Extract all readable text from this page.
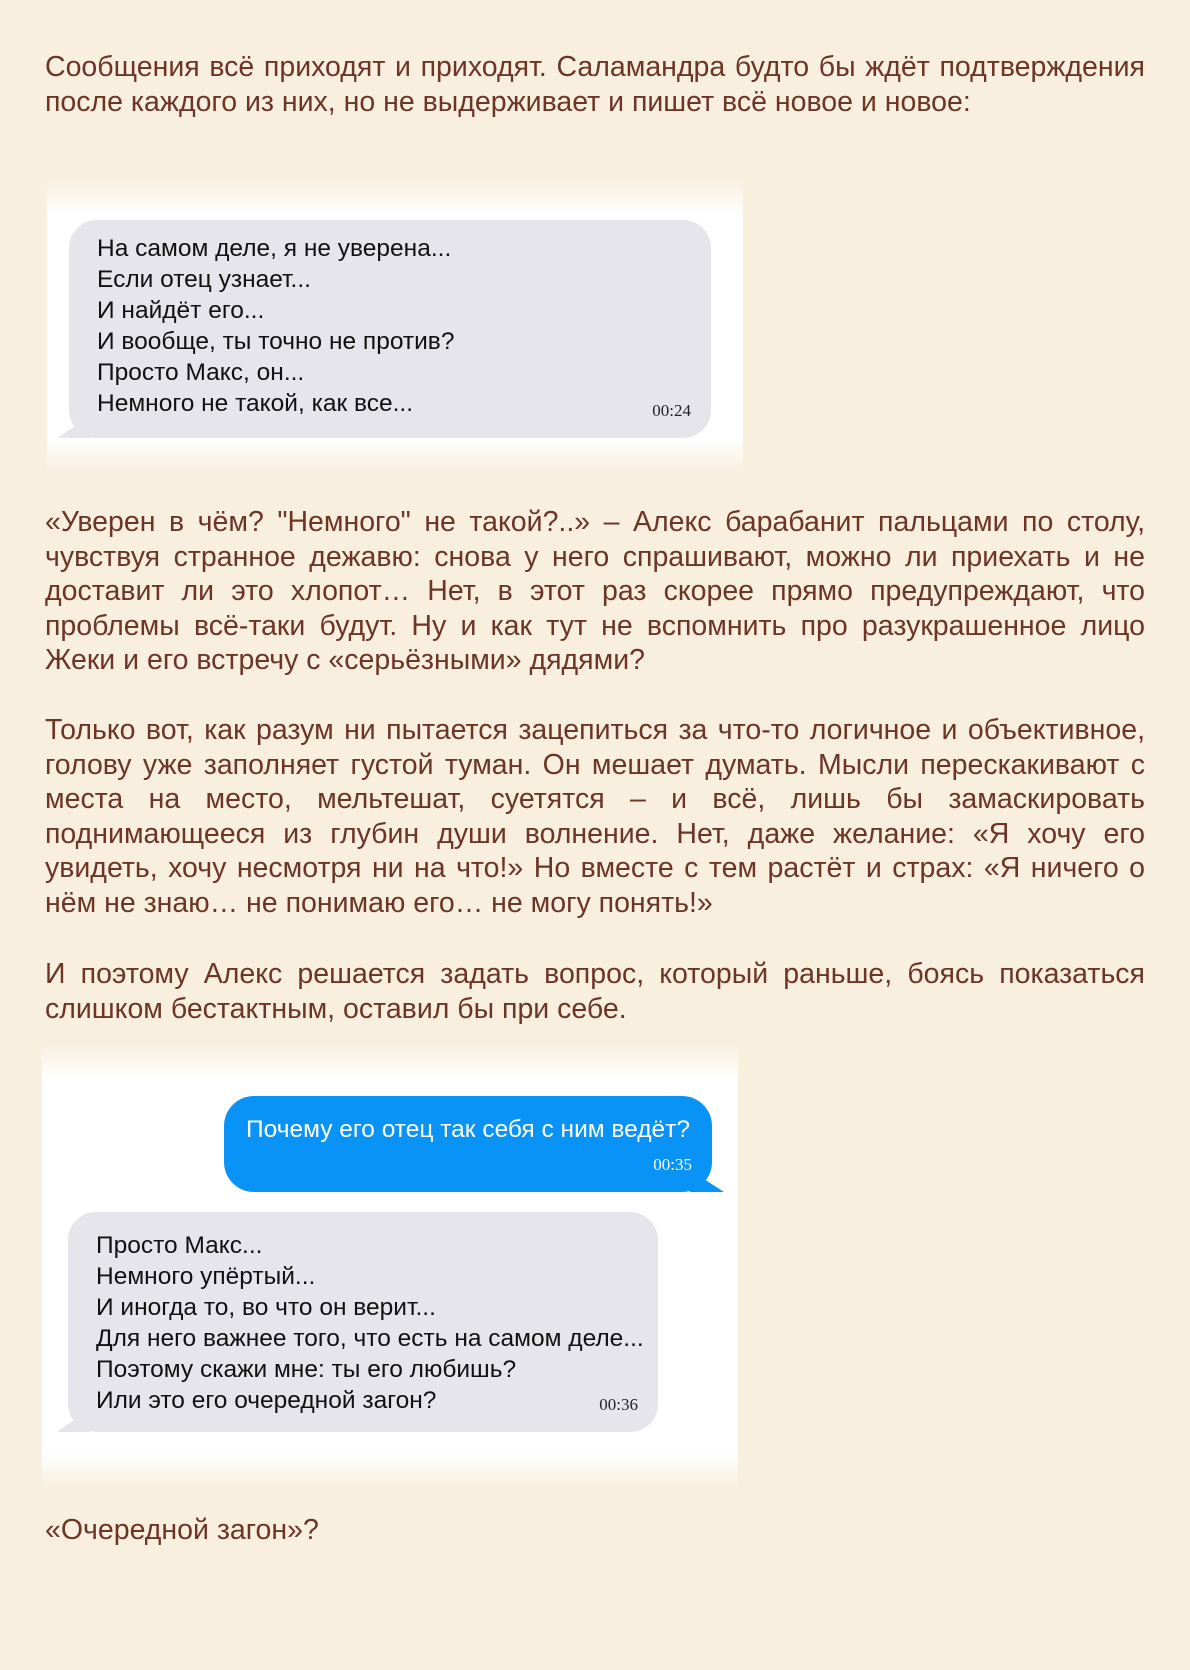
Сообщения всё приходят и приходят. Саламандра будто бы ждёт подтверждения после каждого из них, но не выдерживает и пишет всё новое и новое:

На самом деле, я не уверена...
Если отец узнает...
И найдёт его...
И вообще, ты точно не против?
Просто Макс, он...
Немного не такой, как все...	00:24

«Уверен в чём? "Немного" не такой?..» – Алекс барабанит пальцами по столу, чувствуя странное дежавю: снова у него спрашивают, можно ли приехать и не доставит ли это хлопот… Нет, в этот раз скорее прямо предупреждают, что проблемы всё-таки будут. Ну и как тут не вспомнить про разукрашенное лицо Жеки и его встречу с «серьёзными» дядями?

Только вот, как разум ни пытается зацепиться за что-то логичное и объективное, голову уже заполняет густой туман. Он мешает думать. Мысли перескакивают с места на место, мельтешат, суетятся – и всё, лишь бы замаскировать поднимающееся из глубин души волнение. Нет, даже желание: «Я хочу его увидеть, хочу несмотря ни на что!» Но вместе с тем растёт и страх: «Я ничего о нём не знаю… не понимаю его… не могу понять!»

И поэтому Алекс решается задать вопрос, который раньше, боясь показаться слишком бестактным, оставил бы при себе.

Почему его отец так себя с ним ведёт?
00:35
Просто Макс...
Немного упёртый...
И иногда то, во что он верит...
Для него важнее того, что есть на самом деле...
Поэтому скажи мне: ты его любишь?
Или это его очередной загон?	00:36

«Очередной загон»?
